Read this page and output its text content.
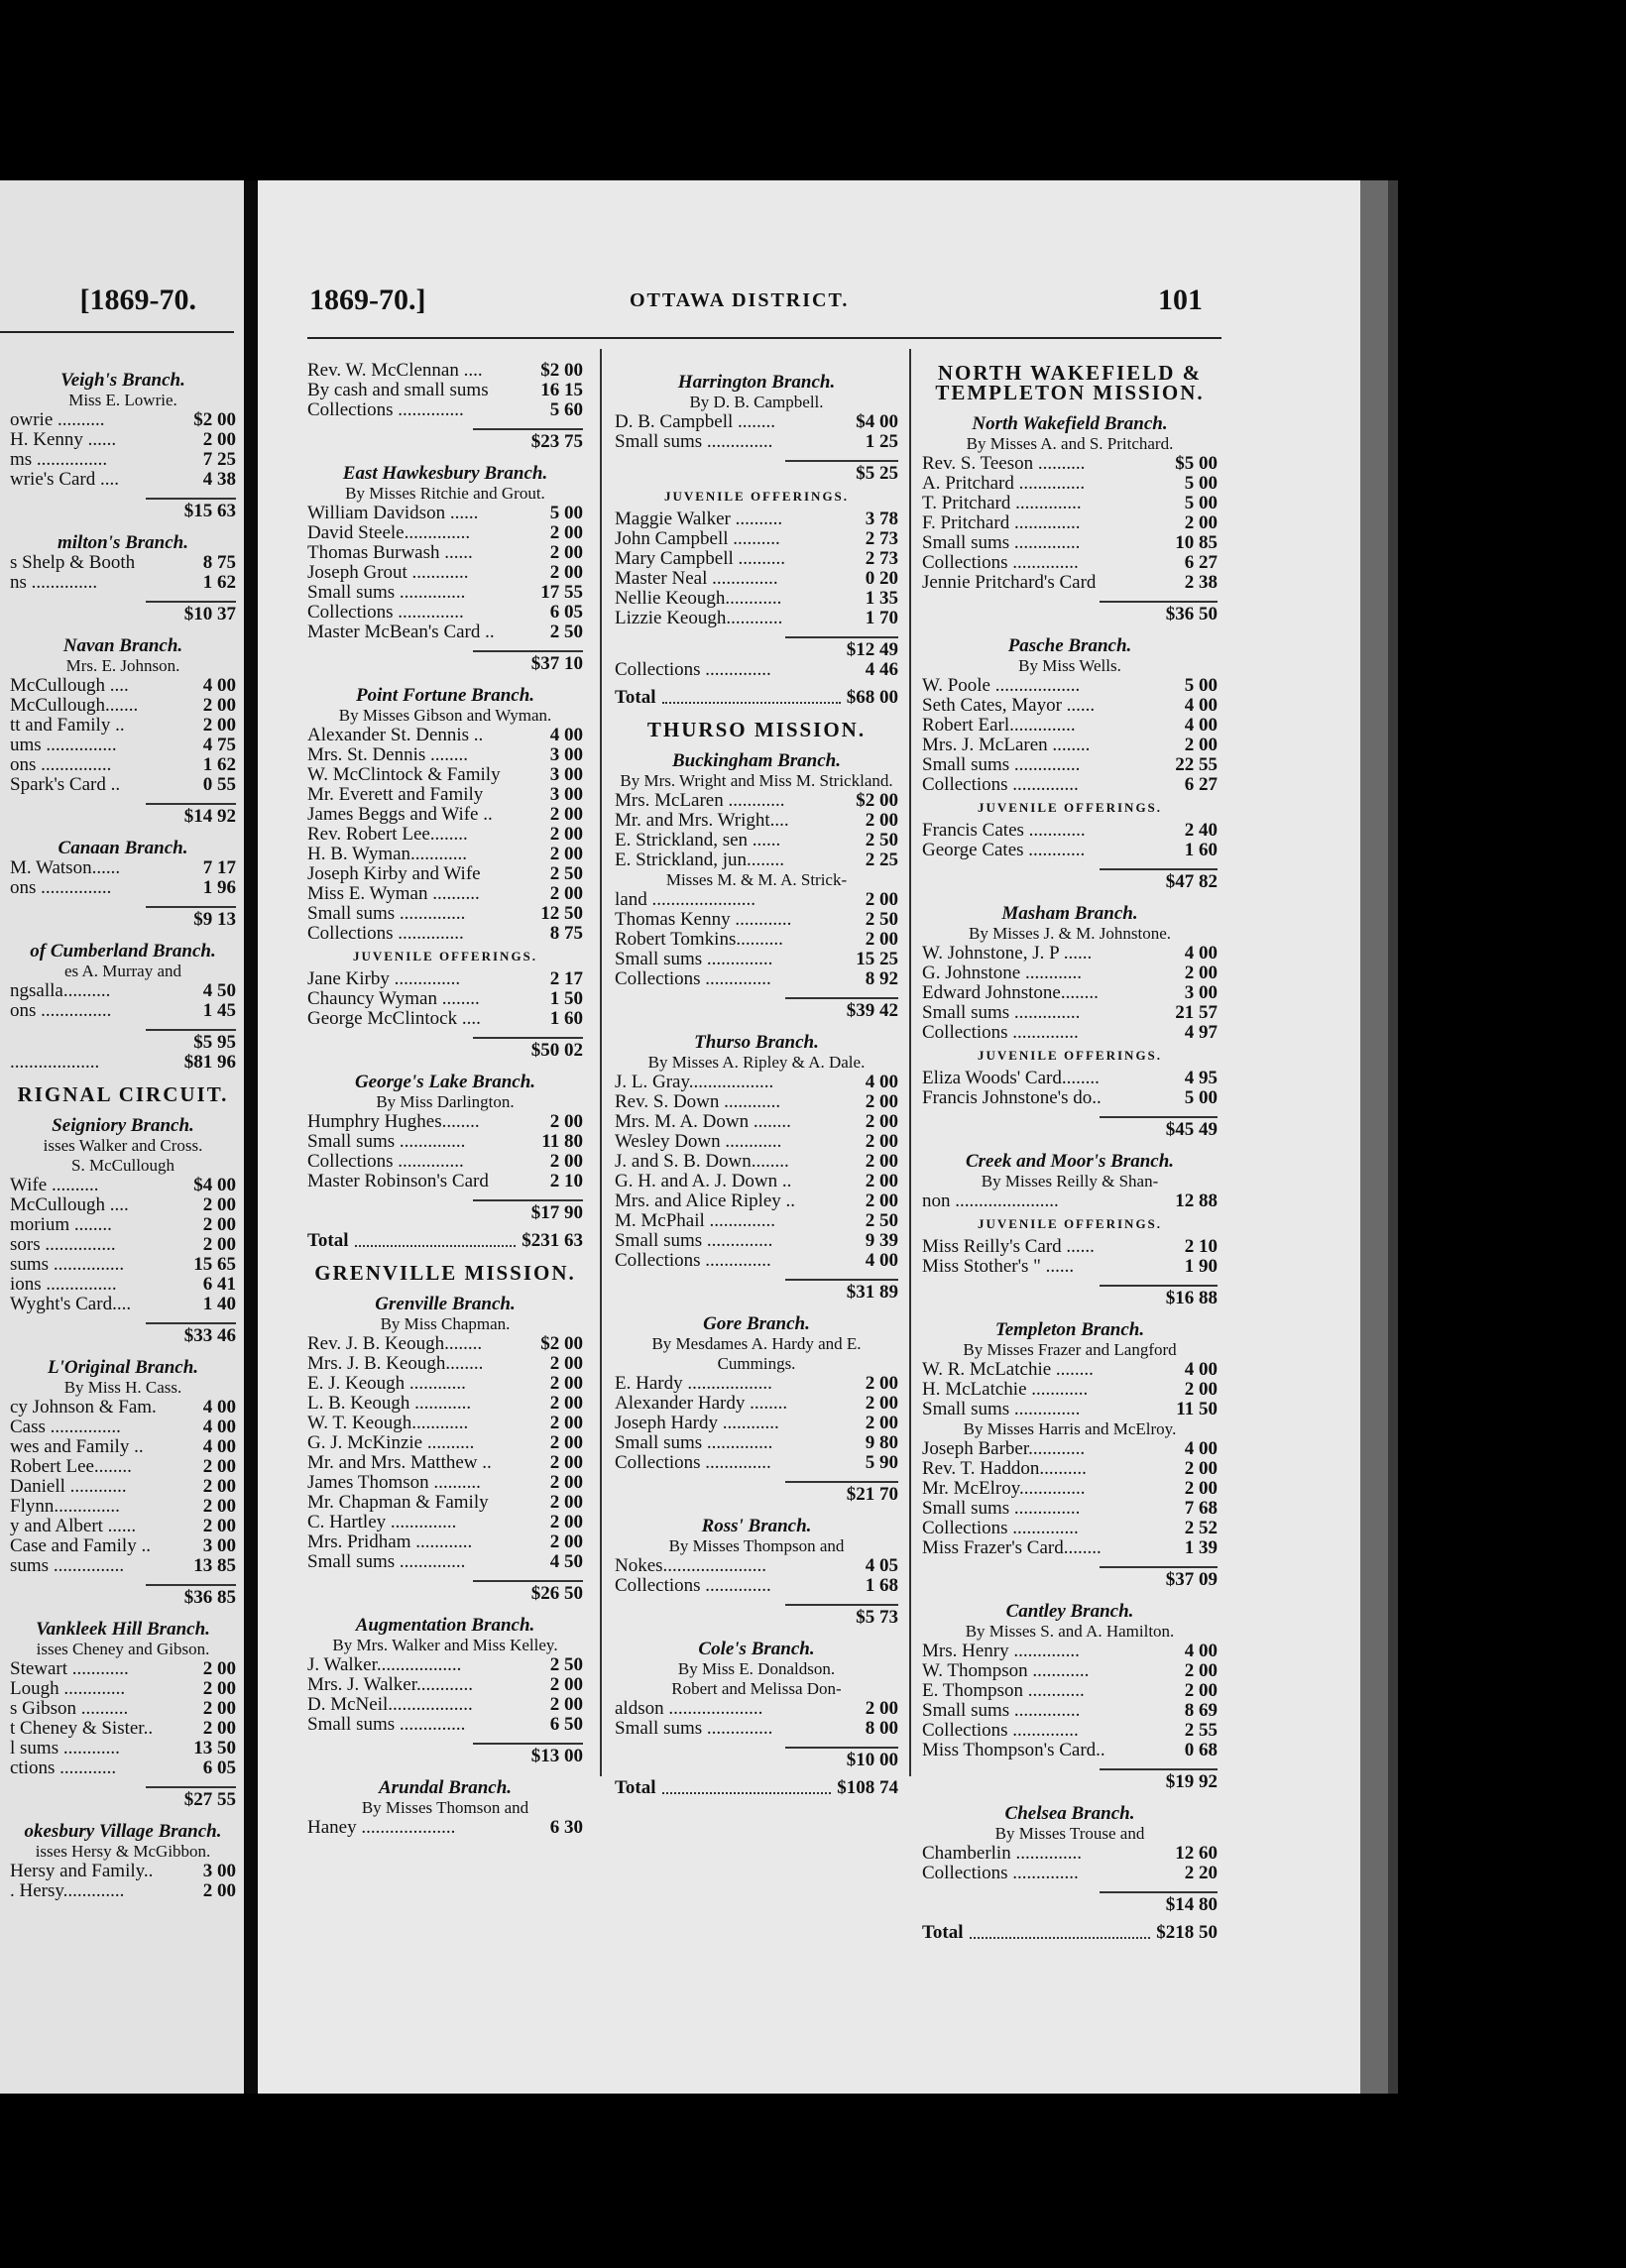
[1869-70.
Veigh's Branch.
Miss E. Lowrie.
owrie ..........	$2 00
H. Kenny ......	2 00
ms ...............	7 25
wrie's Card ....	4 38
$15 63
milton's Branch.
s Shelp & Booth	8 75
ns ..............	1 62
$10 37
Navan Branch.
Mrs. E. Johnson.
McCullough ....	4 00
McCullough.......	2 00
tt and Family ..	2 00
ums ...............	4 75
ons ...............	1 62
Spark's Card ..	0 55
$14 92
Canaan Branch.
M. Watson......	7 17
ons ...............	1 96
$9 13
of Cumberland Branch.
es A. Murray and
ngsalla..........	4 50
ons ...............	1 45
$5 95
...................	$81 96
RIGNAL CIRCUIT.
Seigniory Branch.
isses Walker and Cross.
S. McCullough
Wife ..........	$4 00
McCullough ....	2 00
morium ........	2 00
sors ...............	2 00
sums ...............	15 65
ions ...............	6 41
Wyght's Card....	1 40
$33 46
L'Original Branch.
By Miss H. Cass.
cy Johnson & Fam.	4 00
Cass ...............	4 00
wes and Family ..	4 00
Robert Lee........	2 00
Daniell ............	2 00
Flynn..............	2 00
y and Albert ......	2 00
Case and Family ..	3 00
sums ...............	13 85
$36 85
Vankleek Hill Branch.
isses Cheney and Gibson.
Stewart ............	2 00
Lough .............	2 00
s Gibson ..........	2 00
t Cheney & Sister..	2 00
l sums ............	13 50
ctions ............	6 05
$27 55
okesbury Village Branch.
isses Hersy & McGibbon.
Hersy and Family..	3 00
. Hersy.............	2 00
1869-70.]	OTTAWA DISTRICT.	101
Rev. W. McClennan ....	$2 00
By cash and small sums	16 15
Collections ..............	5 60
$23 75
East Hawkesbury Branch.
By Misses Ritchie and Grout.
William Davidson ......	5 00
David Steele..............	2 00
Thomas Burwash ......	2 00
Joseph Grout ............	2 00
Small sums ..............	17 55
Collections ..............	6 05
Master McBean's Card ..	2 50
$37 10
Point Fortune Branch.
By Misses Gibson and Wyman.
Alexander St. Dennis ..	4 00
Mrs. St. Dennis ........	3 00
W. McClintock & Family	3 00
Mr. Everett and Family	3 00
James Beggs and Wife ..	2 00
Rev. Robert Lee........	2 00
H. B. Wyman............	2 00
Joseph Kirby and Wife	2 50
Miss E. Wyman ..........	2 00
Small sums ..............	12 50
Collections ..............	8 75
JUVENILE OFFERINGS.
Jane Kirby ..............	2 17
Chauncy Wyman ........	1 50
George McClintock ....	1 60
$50 02
George's Lake Branch.
By Miss Darlington.
Humphry Hughes........	2 00
Small sums ..............	11 80
Collections ..............	2 00
Master Robinson's Card	2 10
$17 90
Total	$231 63
GRENVILLE MISSION.
Grenville Branch.
By Miss Chapman.
Rev. J. B. Keough........	$2 00
Mrs. J. B. Keough........	2 00
E. J. Keough ............	2 00
L. B. Keough ............	2 00
W. T. Keough............	2 00
G. J. McKinzie ..........	2 00
Mr. and Mrs. Matthew ..	2 00
James Thomson ..........	2 00
Mr. Chapman & Family	2 00
C. Hartley ..............	2 00
Mrs. Pridham ............	2 00
Small sums ..............	4 50
$26 50
Augmentation Branch.
By Mrs. Walker and Miss Kelley.
J. Walker..................	2 50
Mrs. J. Walker............	2 00
D. McNeil..................	2 00
Small sums ..............	6 50
$13 00
Arundal Branch.
By Misses Thomson and
Haney ....................	6 30
Harrington Branch.
By D. B. Campbell.
D. B. Campbell ........	$4 00
Small sums ..............	1 25
$5 25
JUVENILE OFFERINGS.
Maggie Walker ..........	3 78
John Campbell ..........	2 73
Mary Campbell ..........	2 73
Master Neal ..............	0 20
Nellie Keough............	1 35
Lizzie Keough............	1 70
$12 49
Collections ..............	4 46
Total	$68 00
THURSO MISSION.
Buckingham Branch.
By Mrs. Wright and Miss M. Strickland.
Mrs. McLaren ............	$2 00
Mr. and Mrs. Wright....	2 00
E. Strickland, sen ......	2 50
E. Strickland, jun........	2 25
Misses M. & M. A. Strick-
land ......................	2 00
Thomas Kenny ............	2 50
Robert Tomkins..........	2 00
Small sums ..............	15 25
Collections ..............	8 92
$39 42
Thurso Branch.
By Misses A. Ripley & A. Dale.
J. L. Gray..................	4 00
Rev. S. Down ............	2 00
Mrs. M. A. Down ........	2 00
Wesley Down ............	2 00
J. and S. B. Down........	2 00
G. H. and A. J. Down ..	2 00
Mrs. and Alice Ripley ..	2 00
M. McPhail ..............	2 50
Small sums ..............	9 39
Collections ..............	4 00
$31 89
Gore Branch.
By Mesdames A. Hardy and E. Cummings.
E. Hardy ..................	2 00
Alexander Hardy ........	2 00
Joseph Hardy ............	2 00
Small sums ..............	9 80
Collections ..............	5 90
$21 70
Ross' Branch.
By Misses Thompson and
Nokes......................	4 05
Collections ..............	1 68
$5 73
Cole's Branch.
By Miss E. Donaldson.
Robert and Melissa Don-
aldson ....................	2 00
Small sums ..............	8 00
$10 00
Total	$108 74
NORTH WAKEFIELD & TEMPLETON MISSION.
North Wakefield Branch.
By Misses A. and S. Pritchard.
Rev. S. Teeson ..........	$5 00
A. Pritchard ..............	5 00
T. Pritchard ..............	5 00
F. Pritchard ..............	2 00
Small sums ..............	10 85
Collections ..............	6 27
Jennie Pritchard's Card	2 38
$36 50
Pasche Branch.
By Miss Wells.
W. Poole ..................	5 00
Seth Cates, Mayor ......	4 00
Robert Earl..............	4 00
Mrs. J. McLaren ........	2 00
Small sums ..............	22 55
Collections ..............	6 27
JUVENILE OFFERINGS.
Francis Cates ............	2 40
George Cates ............	1 60
$47 82
Masham Branch.
By Misses J. & M. Johnstone.
W. Johnstone, J. P ......	4 00
G. Johnstone ............	2 00
Edward Johnstone........	3 00
Small sums ..............	21 57
Collections ..............	4 97
JUVENILE OFFERINGS.
Eliza Woods' Card........	4 95
Francis Johnstone's do..	5 00
$45 49
Creek and Moor's Branch.
By Misses Reilly & Shan-
non ......................	12 88
JUVENILE OFFERINGS.
Miss Reilly's Card ......	2 10
Miss Stother's " ......	1 90
$16 88
Templeton Branch.
By Misses Frazer and Langford
W. R. McLatchie ........	4 00
H. McLatchie ............	2 00
Small sums ..............	11 50
By Misses Harris and McElroy.
Joseph Barber............	4 00
Rev. T. Haddon..........	2 00
Mr. McElroy..............	2 00
Small sums ..............	7 68
Collections ..............	2 52
Miss Frazer's Card........	1 39
$37 09
Cantley Branch.
By Misses S. and A. Hamilton.
Mrs. Henry ..............	4 00
W. Thompson ............	2 00
E. Thompson ............	2 00
Small sums ..............	8 69
Collections ..............	2 55
Miss Thompson's Card..	0 68
$19 92
Chelsea Branch.
By Misses Trouse and
Chamberlin ..............	12 60
Collections ..............	2 20
$14 80
Total	$218 50
